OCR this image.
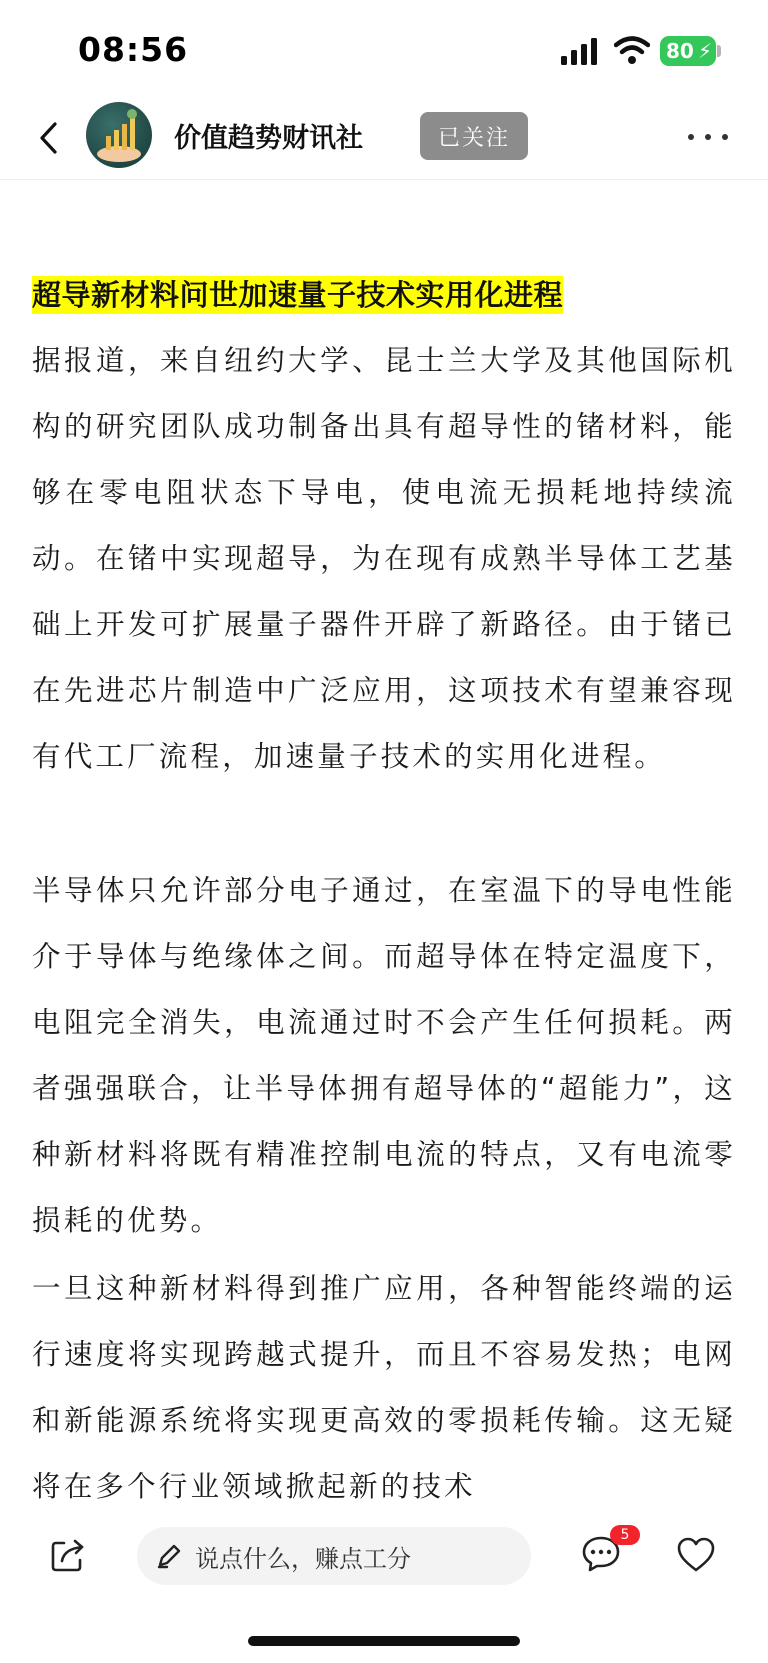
08:56	80 ⚡
价值趋势财讯社	已关注
超导新材料问世加速量子技术实用化进程
据报道，来自纽约大学、昆士兰大学及其他国际机构的研究团队成功制备出具有超导性的锗材料，能够在零电阻状态下导电，使电流无损耗地持续流动。在锗中实现超导，为在现有成熟半导体工艺基础上开发可扩展量子器件开辟了新路径。由于锗已在先进芯片制造中广泛应用，这项技术有望兼容现有代工厂流程，加速量子技术的实用化进程。
半导体只允许部分电子通过，在室温下的导电性能介于导体与绝缘体之间。而超导体在特定温度下，电阻完全消失，电流通过时不会产生任何损耗。两者强强联合，让半导体拥有超导体的“超能力”，这种新材料将既有精准控制电流的特点，又有电流零损耗的优势。
一旦这种新材料得到推广应用，各种智能终端的运行速度将实现跨越式提升，而且不容易发热；电网和新能源系统将实现更高效的零损耗传输。这无疑将在多个行业领域掀起新的技术
说点什么，赚点工分
5
